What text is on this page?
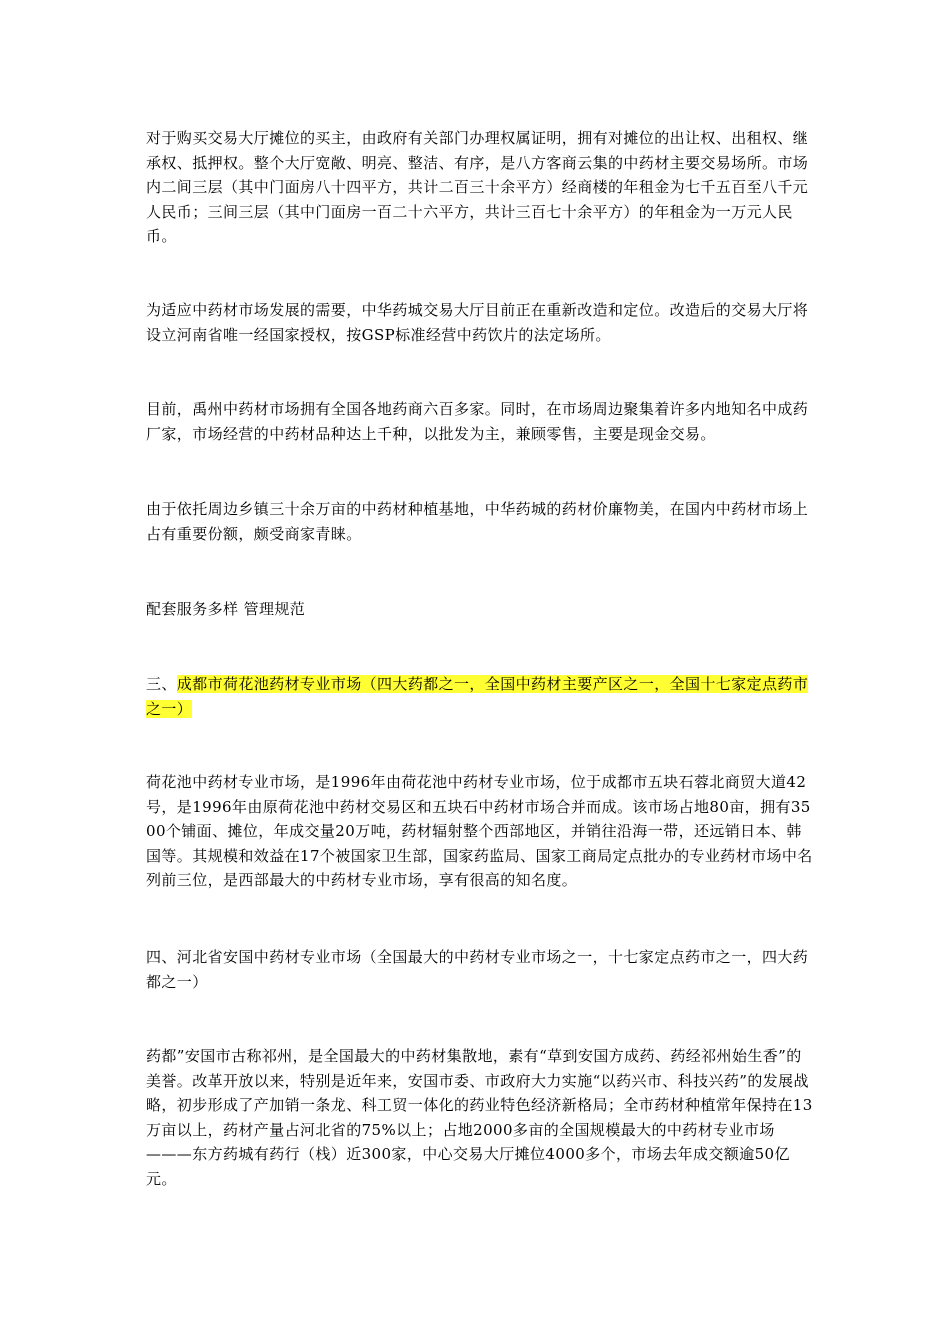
对于购买交易大厅摊位的买主，由政府有关部门办理权属证明，拥有对摊位的出让权、出租权、继承权、抵押权。整个大厅宽敞、明亮、整洁、有序，是八方客商云集的中药材主要交易场所。市场内二间三层（其中门面房八十四平方，共计二百三十余平方）经商楼的年租金为七千五百至八千元人民币；三间三层（其中门面房一百二十六平方，共计三百七十余平方）的年租金为一万元人民币。

为适应中药材市场发展的需要，中华药城交易大厅目前正在重新改造和定位。改造后的交易大厅将设立河南省唯一经国家授权，按GSP标准经营中药饮片的法定场所。

目前，禹州中药材市场拥有全国各地药商六百多家。同时，在市场周边聚集着许多内地知名中成药厂家，市场经营的中药材品种达上千种，以批发为主，兼顾零售，主要是现金交易。

由于依托周边乡镇三十余万亩的中药材种植基地，中华药城的药材价廉物美，在国内中药材市场上占有重要份额，颇受商家青睐。

配套服务多样 管理规范

三、成都市荷花池药材专业市场（四大药都之一，全国中药材主要产区之一，全国十七家定点药市之一）

荷花池中药材专业市场，是1996年由荷花池中药材专业市场，位于成都市五块石蓉北商贸大道42号，是1996年由原荷花池中药材交易区和五块石中药材市场合并而成。该市场占地80亩，拥有3500个铺面、摊位，年成交量20万吨，药材辐射整个西部地区，并销往沿海一带，还远销日本、韩国等。其规模和效益在17个被国家卫生部，国家药监局、国家工商局定点批办的专业药材市场中名列前三位，是西部最大的中药材专业市场，享有很高的知名度。

四、河北省安国中药材专业市场（全国最大的中药材专业市场之一，十七家定点药市之一，四大药都之一）

药都”安国市古称祁州，是全国最大的中药材集散地，素有“草到安国方成药、药经祁州始生香”的美誉。改革开放以来，特别是近年来，安国市委、市政府大力实施“以药兴市、科技兴药”的发展战略，初步形成了产加销一条龙、科工贸一体化的药业特色经济新格局；全市药材种植常年保持在13万亩以上，药材产量占河北省的75%以上；占地2000多亩的全国规模最大的中药材专业市场———东方药城有药行（栈）近300家，中心交易大厅摊位4000多个，市场去年成交额逾50亿元。
